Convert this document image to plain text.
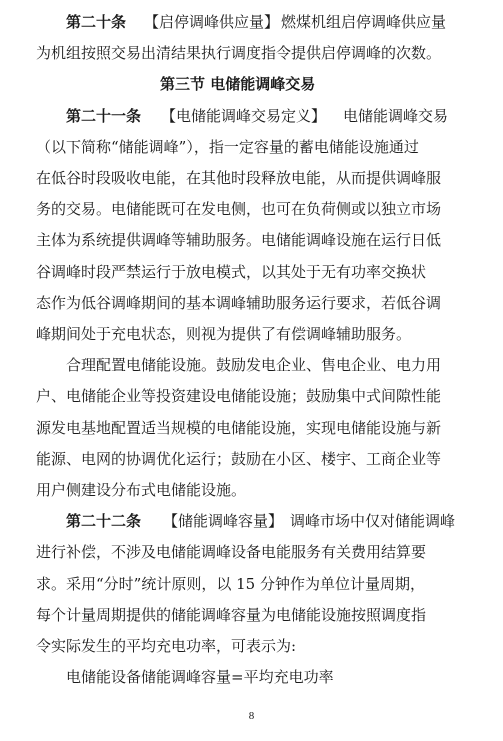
第二十条 【启停调峰供应量】 燃煤机组启停调峰供应量
为机组按照交易出清结果执行调度指令提供启停调峰的次数。
第三节 电储能调峰交易
第二十一条 【电储能调峰交易定义】 电储能调峰交易
（以下简称“储能调峰”），指一定容量的蓄电储能设施通过
在低谷时段吸收电能，在其他时段释放电能，从而提供调峰服
务的交易。电储能既可在发电侧，也可在负荷侧或以独立市场
主体为系统提供调峰等辅助服务。电储能调峰设施在运行日低
谷调峰时段严禁运行于放电模式，以其处于无有功率交换状
态作为低谷调峰期间的基本调峰辅助服务运行要求，若低谷调
峰期间处于充电状态，则视为提供了有偿调峰辅助服务。
合理配置电储能设施。鼓励发电企业、售电企业、电力用
户、电储能企业等投资建设电储能设施；鼓励集中式间隙性能
源发电基地配置适当规模的电储能设施，实现电储能设施与新
能源、电网的协调优化运行；鼓励在小区、楼宇、工商企业等
用户侧建设分布式电储能设施。
第二十二条 【储能调峰容量】 调峰市场中仅对储能调峰
进行补偿，不涉及电储能调峰设备电能服务有关费用结算要
求。采用“分时”统计原则，以 15 分钟作为单位计量周期，
每个计量周期提供的储能调峰容量为电储能设施按照调度指
令实际发生的平均充电功率，可表示为:
电储能设备储能调峰容量=平均充电功率
8
